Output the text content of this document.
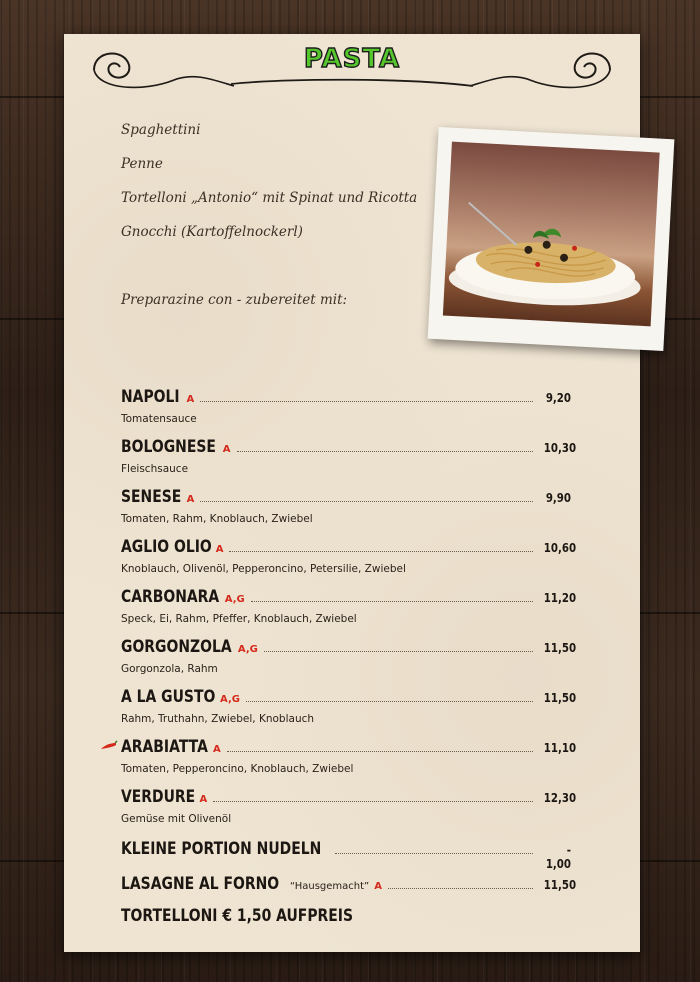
PASTA
Spaghettini
Penne
Tortelloni „Antonio“ mit Spinat und Ricotta
Gnocchi (Kartoffelnockerl)
Preparazine con - zubereitet mit:
NAPOLI A	9,20
Tomatensauce
BOLOGNESE A	10,30
Fleischsauce
SENESE A	9,90
Tomaten, Rahm, Knoblauch, Zwiebel
AGLIO OLIO A	10,60
Knoblauch, Olivenöl, Pepperoncino, Petersilie, Zwiebel
CARBONARA A,G	11,20
Speck, Ei, Rahm, Pfeffer, Knoblauch, Zwiebel
GORGONZOLA A,G	11,50
Gorgonzola, Rahm
A LA GUSTO A,G	11,50
Rahm, Truthahn, Zwiebel, Knoblauch
ARABIATTA A	11,10
Tomaten, Pepperoncino, Knoblauch, Zwiebel
VERDURE A	12,30
Gemüse mit Olivenöl
KLEINE PORTION NUDELN	- 1,00
LASAGNE AL FORNO “Hausgemacht” A	11,50
TORTELLONI € 1,50 AUFPREIS
